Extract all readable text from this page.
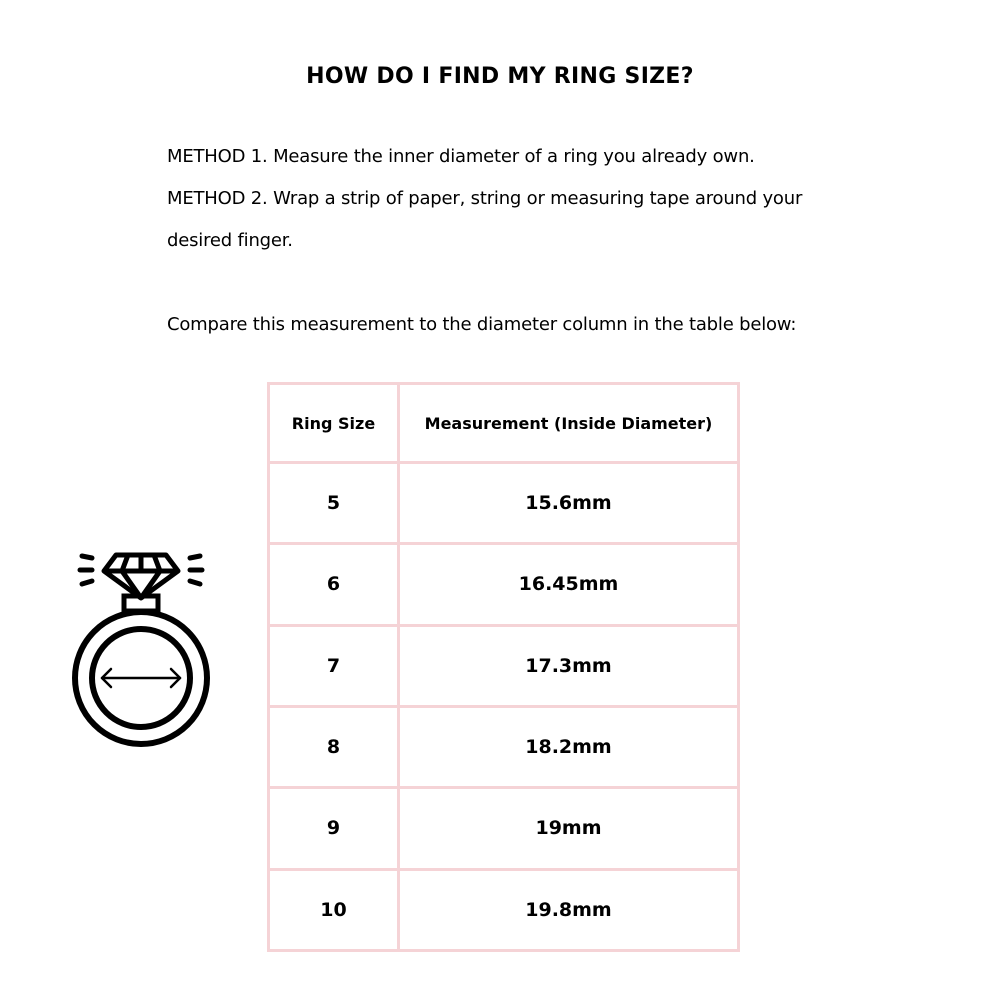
HOW DO I FIND MY RING SIZE?
METHOD 1. Measure the inner diameter of a ring you already own.
METHOD 2. Wrap a strip of paper, string or measuring tape around your
desired finger.
Compare this measurement to the diameter column in the table below:
Ring Size	Measurement (Inside Diameter)
5	15.6mm
6	16.45mm
7	17.3mm
8	18.2mm
9	19mm
10	19.8mm
